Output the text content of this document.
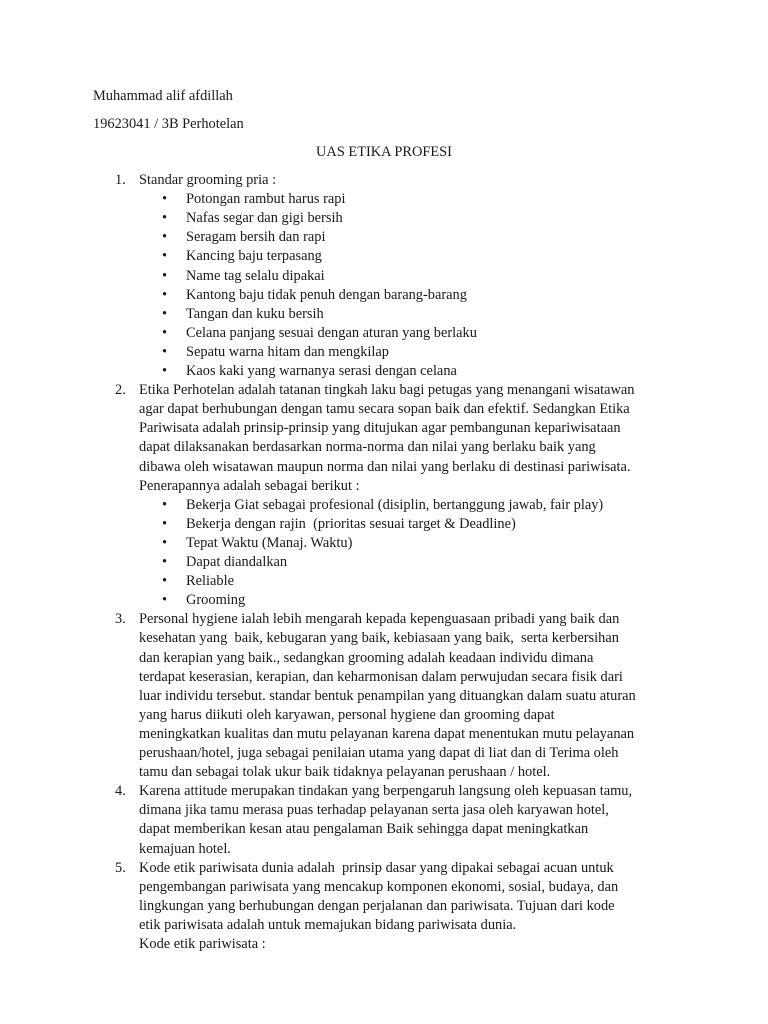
Muhammad alif afdillah
19623041 / 3B Perhotelan
UAS ETIKA PROFESI
1. Standar grooming pria :
• Potongan rambut harus rapi
• Nafas segar dan gigi bersih
• Seragam bersih dan rapi
• Kancing baju terpasang
• Name tag selalu dipakai
• Kantong baju tidak penuh dengan barang-barang
• Tangan dan kuku bersih
• Celana panjang sesuai dengan aturan yang berlaku
• Sepatu warna hitam dan mengkilap
• Kaos kaki yang warnanya serasi dengan celana
2. Etika Perhotelan adalah tatanan tingkah laku bagi petugas yang menangani wisatawan
agar dapat berhubungan dengan tamu secara sopan baik dan efektif. Sedangkan Etika
Pariwisata adalah prinsip-prinsip yang ditujukan agar pembangunan kepariwisataan
dapat dilaksanakan berdasarkan norma-norma dan nilai yang berlaku baik yang
dibawa oleh wisatawan maupun norma dan nilai yang berlaku di destinasi pariwisata.
Penerapannya adalah sebagai berikut :
• Bekerja Giat sebagai profesional (disiplin, bertanggung jawab, fair play)
• Bekerja dengan rajin  (prioritas sesuai target & Deadline)
• Tepat Waktu (Manaj. Waktu)
• Dapat diandalkan
• Reliable
• Grooming
3. Personal hygiene ialah lebih mengarah kepada kepenguasaan pribadi yang baik dan
kesehatan yang  baik, kebugaran yang baik, kebiasaan yang baik,  serta kerbersihan
dan kerapian yang baik., sedangkan grooming adalah keadaan individu dimana
terdapat keserasian, kerapian, dan keharmonisan dalam perwujudan secara fisik dari
luar individu tersebut. standar bentuk penampilan yang dituangkan dalam suatu aturan
yang harus diikuti oleh karyawan, personal hygiene dan grooming dapat
meningkatkan kualitas dan mutu pelayanan karena dapat menentukan mutu pelayanan
perushaan/hotel, juga sebagai penilaian utama yang dapat di liat dan di Terima oleh
tamu dan sebagai tolak ukur baik tidaknya pelayanan perushaan / hotel.
4. Karena attitude merupakan tindakan yang berpengaruh langsung oleh kepuasan tamu,
dimana jika tamu merasa puas terhadap pelayanan serta jasa oleh karyawan hotel,
dapat memberikan kesan atau pengalaman Baik sehingga dapat meningkatkan
kemajuan hotel.
5. Kode etik pariwisata dunia adalah  prinsip dasar yang dipakai sebagai acuan untuk
pengembangan pariwisata yang mencakup komponen ekonomi, sosial, budaya, dan
lingkungan yang berhubungan dengan perjalanan dan pariwisata. Tujuan dari kode
etik pariwisata adalah untuk memajukan bidang pariwisata dunia.
Kode etik pariwisata :
